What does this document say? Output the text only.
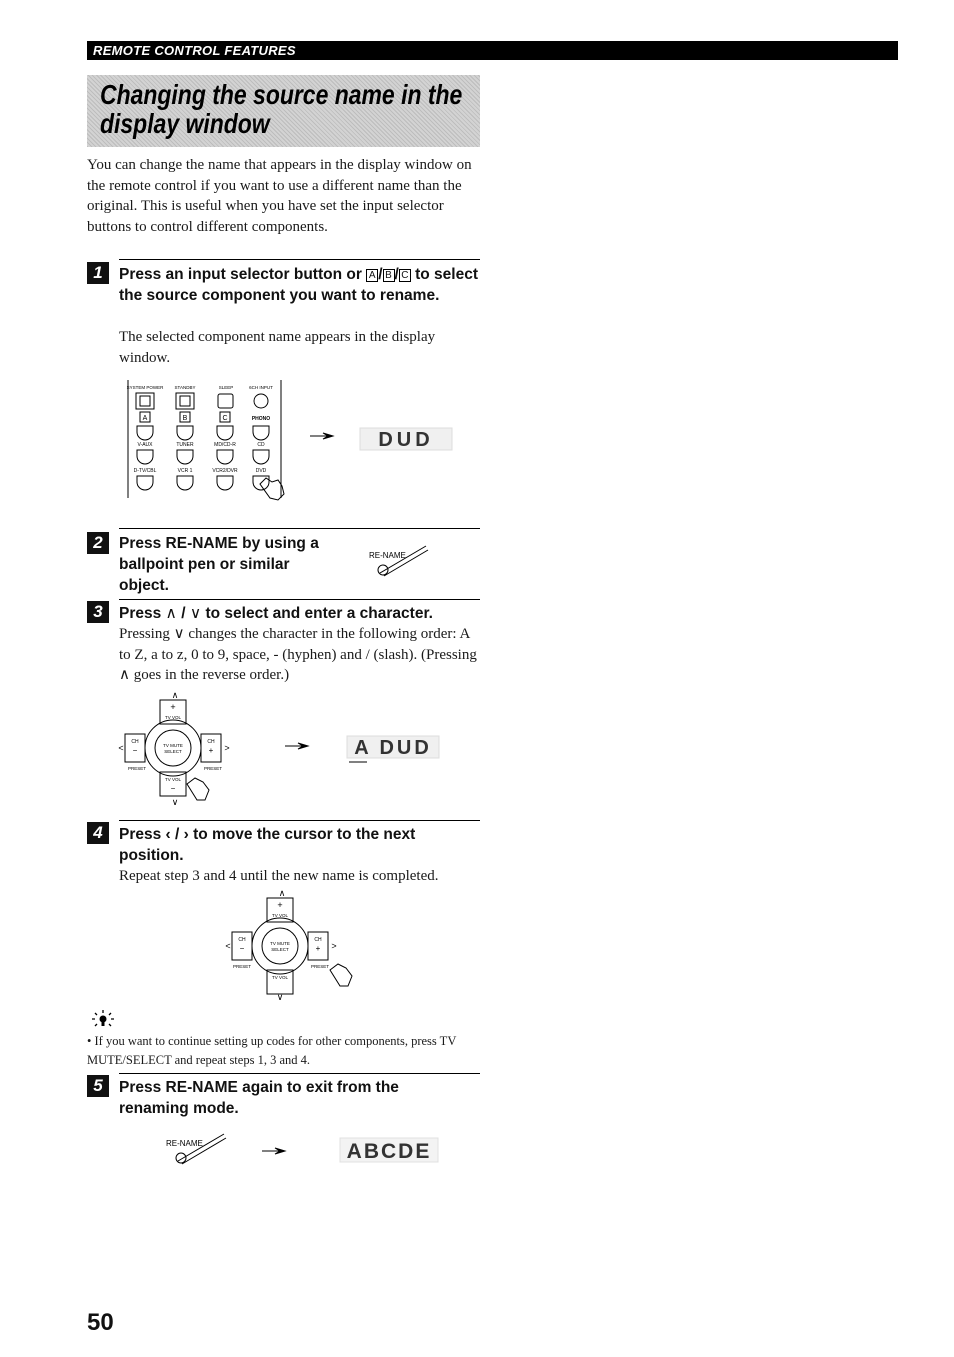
REMOTE CONTROL FEATURES
Changing the source name in the
display window
You can change the name that appears in the display window on the remote control if you want to use a different name than the original. This is useful when you have set the input selector buttons to control different components.
1	Press an input selector button or A / B / C to select the source component you want to rename.
The selected component name appears in the display window.
SYSTEM POWER STANDBY	SLEEP	6CH INPUT
A	B	C	PHONO
V-AUX	TUNER	MD/CD-R	CD
D-TV/CBL	VCR 1	VCR2/DVR	DVD
DUD
2	Press RE-NAME by using a ballpoint pen or similar object.
RE-NAME
3	Press ∧ / ∨ to select and enter a character.
Pressing ∨ changes the character in the following order: A to Z, a to z, 0 to 9, space, - (hyphen) and / (slash). (Pressing ∧ goes in the reverse order.)
∧
+
TV VOL
TV MUTE
SELECT
CH
−
<
CH
+ >
PRESET	PRESET
TV VOL
−
∨
A DUD
4	Press ‹ / › to move the cursor to the next position.
Repeat step 3 and 4 until the new name is completed.
∧
+
TV VOL
TV MUTE
SELECT
CH
−
<
CH
+ >
PRESET	PRESET
TV VOL
∨
• If you want to continue setting up codes for other components, press TV MUTE/SELECT and repeat steps 1, 3 and 4.
5	Press RE-NAME again to exit from the renaming mode.
RE-NAME	ABCDE
50
